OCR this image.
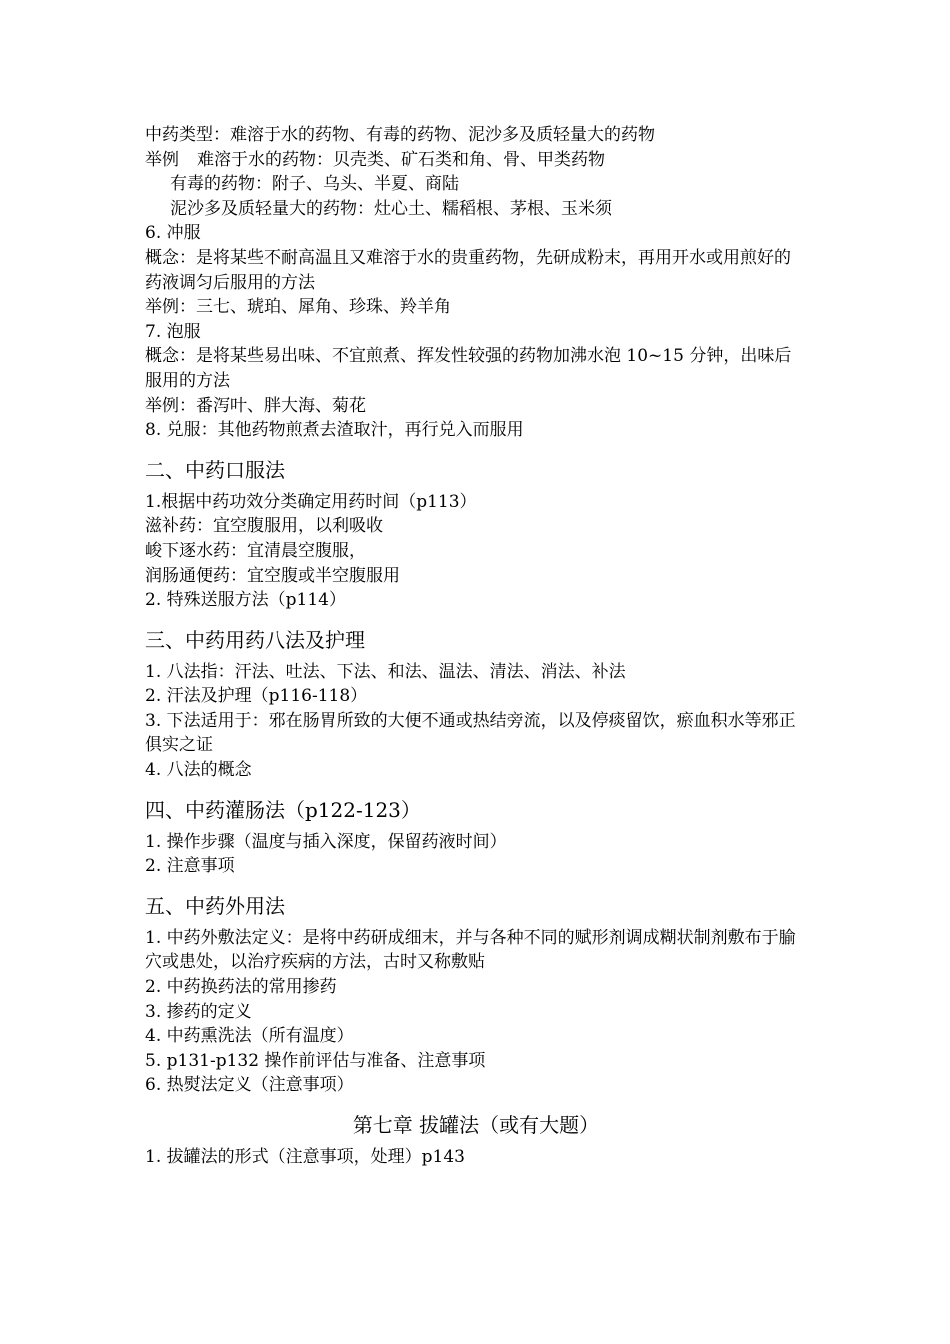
中药类型：难溶于水的药物、有毒的药物、泥沙多及质轻量大的药物
举例 难溶于水的药物：贝壳类、矿石类和角、骨、甲类药物
有毒的药物：附子、乌头、半夏、商陆
泥沙多及质轻量大的药物：灶心土、糯稻根、茅根、玉米须
6. 冲服
概念：是将某些不耐高温且又难溶于水的贵重药物，先研成粉末，再用开水或用煎好的药液调匀后服用的方法
举例：三七、琥珀、犀角、珍珠、羚羊角
7. 泡服
概念：是将某些易出味、不宜煎煮、挥发性较强的药物加沸水泡 10~15 分钟，出味后服用的方法
举例：番泻叶、胖大海、菊花
8. 兑服：其他药物煎煮去渣取汁，再行兑入而服用
二、中药口服法
1.根据中药功效分类确定用药时间（p113）
滋补药：宜空腹服用，以利吸收
峻下逐水药：宜清晨空腹服，
润肠通便药：宜空腹或半空腹服用
2. 特殊送服方法（p114）
三、中药用药八法及护理
1. 八法指：汗法、吐法、下法、和法、温法、清法、消法、补法
2. 汗法及护理（p116-118）
3. 下法适用于：邪在肠胃所致的大便不通或热结旁流，以及停痰留饮，瘀血积水等邪正俱实之证
4. 八法的概念
四、中药灌肠法（p122-123）
1. 操作步骤（温度与插入深度，保留药液时间）
2. 注意事项
五、中药外用法
1. 中药外敷法定义：是将中药研成细末，并与各种不同的赋形剂调成糊状制剂敷布于腧穴或患处，以治疗疾病的方法，古时又称敷贴
2. 中药换药法的常用掺药
3. 掺药的定义
4. 中药熏洗法（所有温度）
5. p131-p132 操作前评估与准备、注意事项
6. 热熨法定义（注意事项）
第七章 拔罐法（或有大题）
1. 拔罐法的形式（注意事项，处理）p143
